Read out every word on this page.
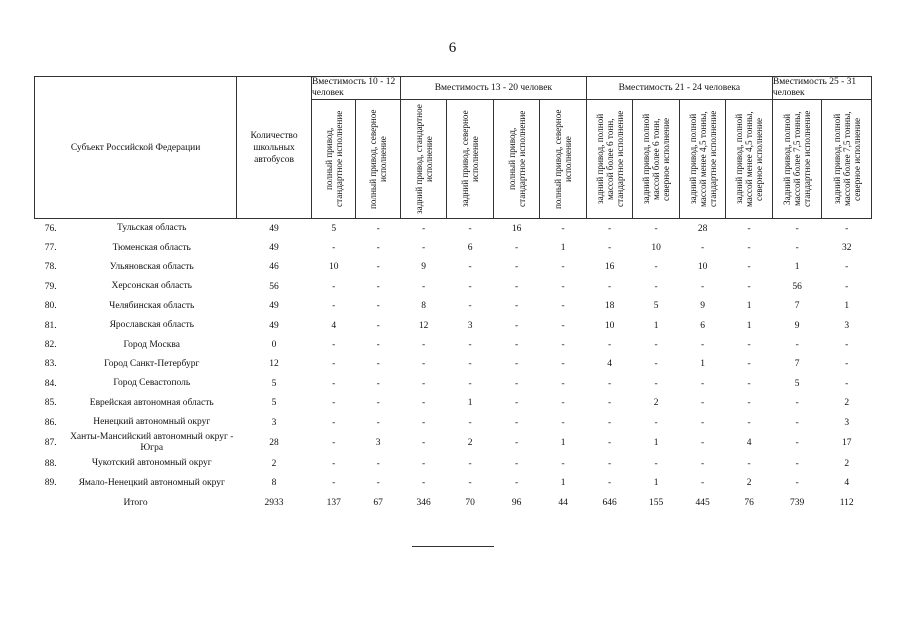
6
Субъект Российской Федерации		Количество школьных автобусов	Вместимость 10 - 12 человек		Вместимость 13 - 20 человек				Вместимость 21 - 24 человека				Вместимость 25 - 31 человек	

			полный привод, стандартное исполнение	полный привод, северное исполнение	задний привод, стандартное исполнение	задний привод, северное исполнение	полный привод, стандартное исполнение	полный привод, северное исполнение	задний привод, полной массой более 6 тонн, стандартное исполнение	задний привод, полной массой более 6 тонн, северное исполнение	задний привод, полной массой менее 4,5 тонны, стандартное исполнение	задний привод, полной массой менее 4,5 тонны, северное исполнение	Задний привод, полной массой более 7,5 тонны, стандартное исполнение	задний привод, полной массой более 7,5 тонны, северное исполнение

76.	Тульская область	49	5	-	-	-	16	-	-	-	28	-	-	-
77.	Тюменская область	49	-	-	-	6	-	1	-	10	-	-	-	32
78.	Ульяновская область	46	10	-	9	-	-	-	16	-	10	-	1	-
79.	Херсонская область	56	-	-	-	-	-	-	-	-	-	-	56	-
80.	Челябинская область	49	-	-	8	-	-	-	18	5	9	1	7	1
81.	Ярославская область	49	4	-	12	3	-	-	10	1	6	1	9	3
82.	Город Москва	0	-	-	-	-	-	-	-	-	-	-	-	-
83.	Город Санкт-Петербург	12	-	-	-	-	-	-	4	-	1	-	7	-
84.	Город Севастополь	5	-	-	-	-	-	-	-	-	-	-	5	-
85.	Еврейская автономная область	5	-	-	-	1	-	-	-	2	-	-	-	2
86.	Ненецкий автономный округ	3	-	-	-	-	-	-	-	-	-	-	-	3
87.	Ханты-Мансийский автономный округ - Югра	28	-	3	-	2	-	1	-	1	-	4	-	17
88.	Чукотский автономный округ	2	-	-	-	-	-	-	-	-	-	-	-	2
89.	Ямало-Ненецкий автономный округ	8	-	-	-	-	-	1	-	1	-	2	-	4
Итого		2933	137	67	346	70	96	44	646	155	445	76	739	112
